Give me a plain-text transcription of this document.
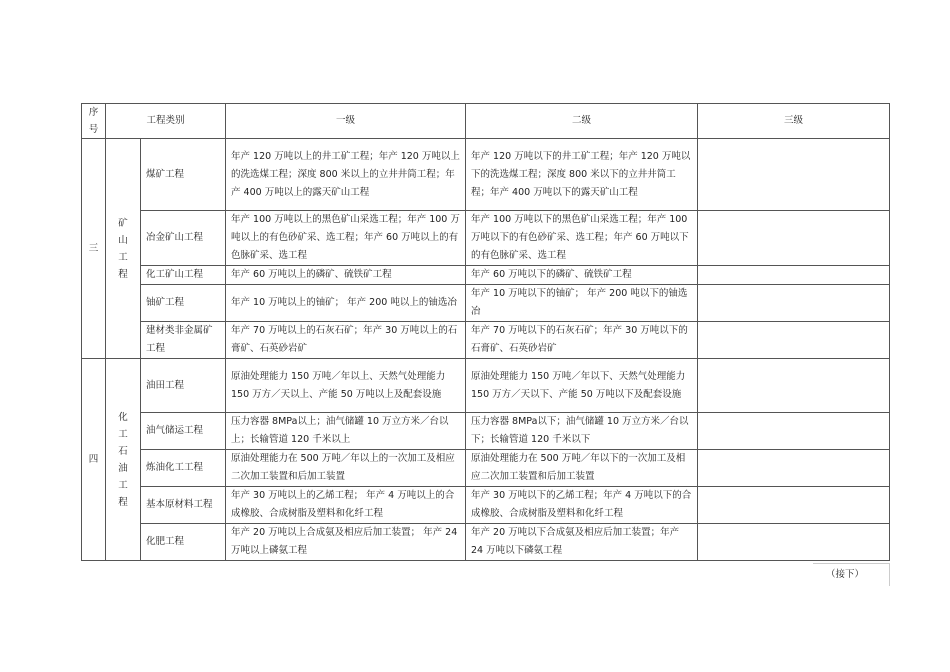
序号	工程类别		一级	二级	三级
三	矿山工程	煤矿工程	年产 120 万吨以上的井工矿工程；年产 120 万吨以上的洗选煤工程；深度 800 米以上的立井井筒工程；年产 400 万吨以上的露天矿山工程	年产 120 万吨以下的井工矿工程；年产 120 万吨以下的洗选煤工程；深度 800 米以下的立井井筒工程；年产 400 万吨以下的露天矿山工程	
		冶金矿山工程	年产 100 万吨以上的黑色矿山采选工程；年产 100 万吨以上的有色砂矿采、选工程；年产 60 万吨以上的有色脉矿采、选工程	年产 100 万吨以下的黑色矿山采选工程；年产 100 万吨以下的有色砂矿采、选工程；年产 60 万吨以下的有色脉矿采、选工程	
		化工矿山工程	年产 60 万吨以上的磷矿、硫铁矿工程	年产 60 万吨以下的磷矿、硫铁矿工程	
		铀矿工程	年产 10 万吨以上的铀矿； 年产 200 吨以上的铀选冶	年产 10 万吨以下的铀矿； 年产 200 吨以下的铀选冶	
		建材类非金属矿工程	年产 70 万吨以上的石灰石矿；年产 30 万吨以上的石膏矿、石英砂岩矿	年产 70 万吨以下的石灰石矿；年产 30 万吨以下的石膏矿、石英砂岩矿	
四	化工石油工程	油田工程	原油处理能力 150 万吨／年以上、天然气处理能力 150 万方／天以上、产能 50 万吨以上及配套设施	原油处理能力 150 万吨／年以下、天然气处理能力 150 万方／天以下、产能 50 万吨以下及配套设施	
		油气储运工程	压力容器 8MPa以上；油气储罐 10 万立方米／台以上；长输管道 120 千米以上	压力容器 8MPa以下；油气储罐 10 万立方米／台以下；长输管道 120 千米以下	
		炼油化工工程	原油处理能力在 500 万吨／年以上的一次加工及相应二次加工装置和后加工装置	原油处理能力在 500 万吨／年以下的一次加工及相应二次加工装置和后加工装置	
		基本原材料工程	年产 30 万吨以上的乙烯工程； 年产 4 万吨以上的合成橡胶、合成树脂及塑料和化纤工程	年产 30 万吨以下的乙烯工程；年产 4 万吨以下的合成橡胶、合成树脂及塑料和化纤工程	
		化肥工程	年产 20 万吨以上合成氨及相应后加工装置； 年产 24 万吨以上磷氨工程	年产 20 万吨以下合成氨及相应后加工装置；年产 24 万吨以下磷氨工程	
（接下）
